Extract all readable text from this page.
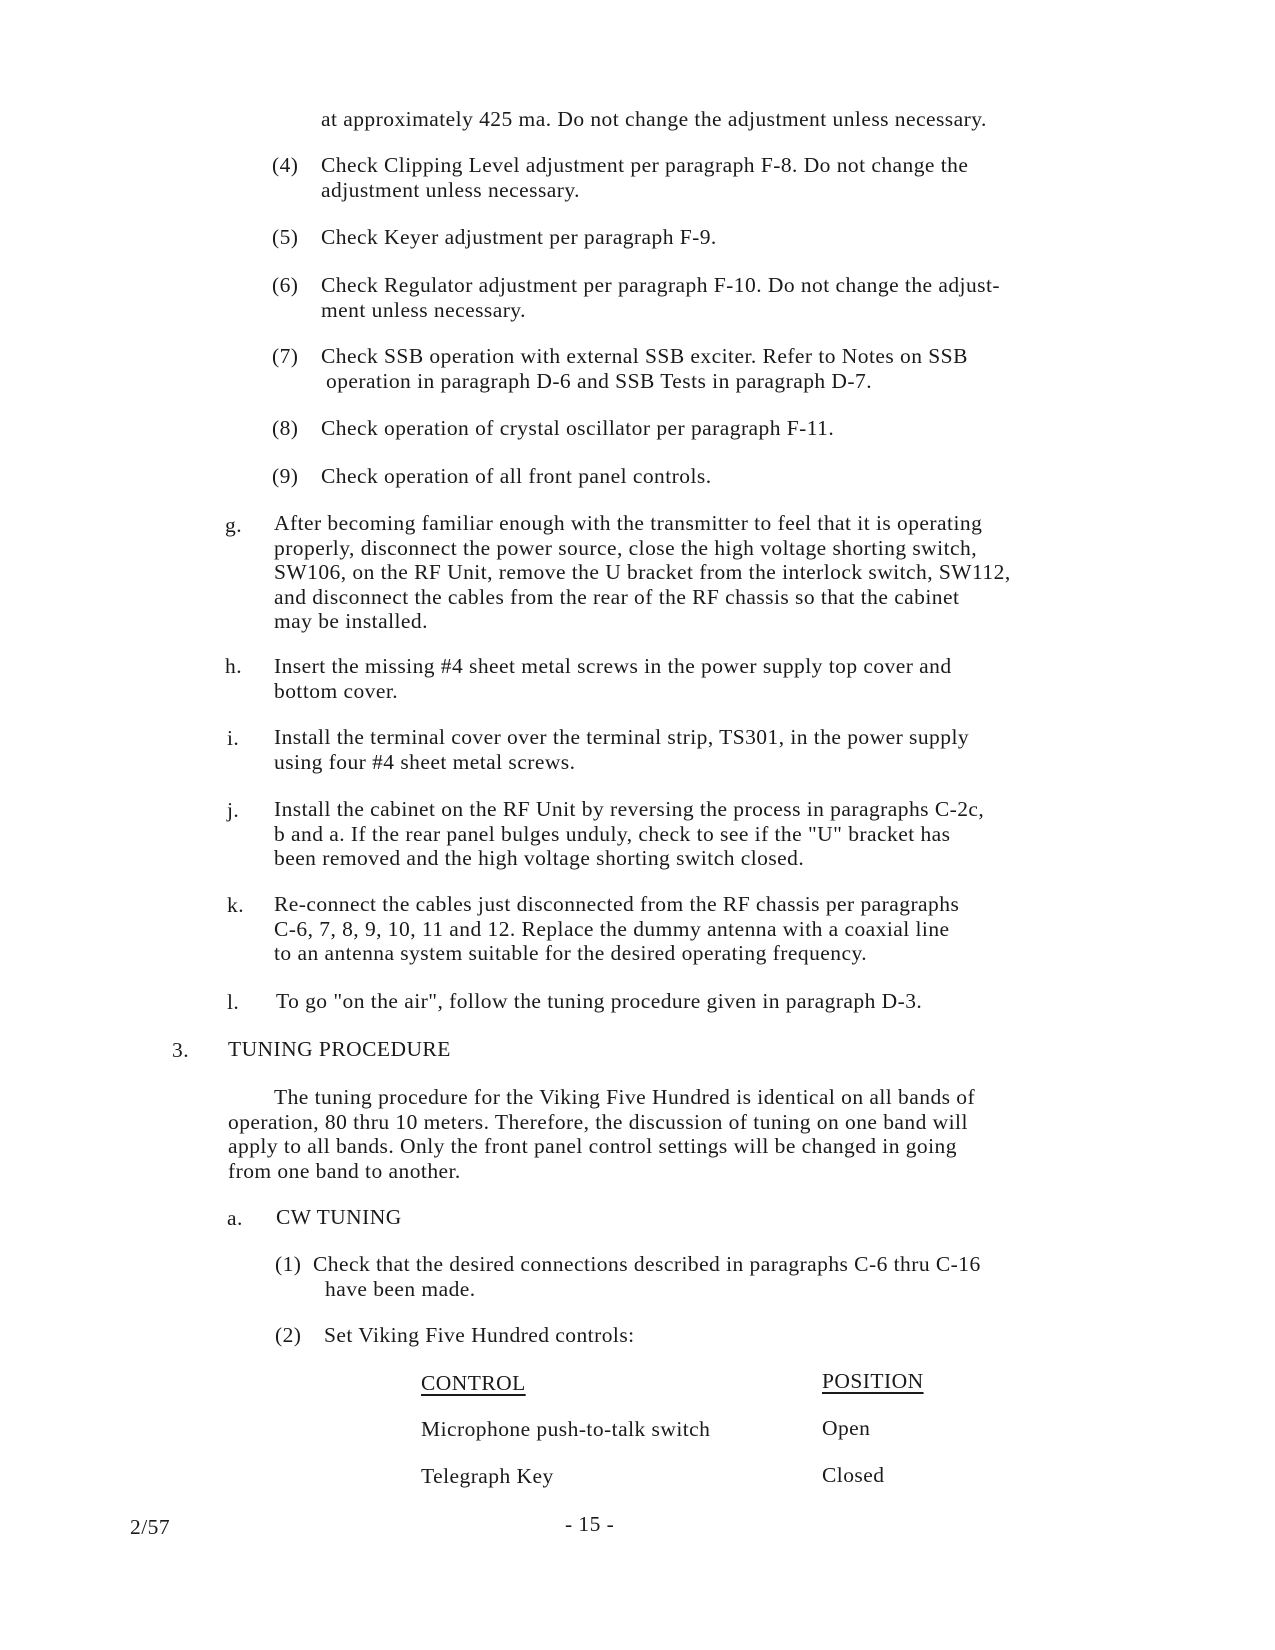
at approximately 425 ma. Do not change the adjustment unless necessary.
(4) Check Clipping Level adjustment per paragraph F-8. Do not change the
adjustment unless necessary.
(5) Check Keyer adjustment per paragraph F-9.
(6) Check Regulator adjustment per paragraph F-10. Do not change the adjust-
ment unless necessary.
(7) Check SSB operation with external SSB exciter. Refer to Notes on SSB
operation in paragraph D-6 and SSB Tests in paragraph D-7.
(8) Check operation of crystal oscillator per paragraph F-11.
(9) Check operation of all front panel controls.
g. After becoming familiar enough with the transmitter to feel that it is operating
properly, disconnect the power source, close the high voltage shorting switch,
SW106, on the RF Unit, remove the U bracket from the interlock switch, SW112,
and disconnect the cables from the rear of the RF chassis so that the cabinet
may be installed.
h. Insert the missing #4 sheet metal screws in the power supply top cover and
bottom cover.
i. Install the terminal cover over the terminal strip, TS301, in the power supply
using four #4 sheet metal screws.
j. Install the cabinet on the RF Unit by reversing the process in paragraphs C-2c,
b and a. If the rear panel bulges unduly, check to see if the "U" bracket has
been removed and the high voltage shorting switch closed.
k. Re-connect the cables just disconnected from the RF chassis per paragraphs
C-6, 7, 8, 9, 10, 11 and 12. Replace the dummy antenna with a coaxial line
to an antenna system suitable for the desired operating frequency.
l. To go "on the air", follow the tuning procedure given in paragraph D-3.
3. TUNING PROCEDURE
The tuning procedure for the Viking Five Hundred is identical on all bands of
operation, 80 thru 10 meters. Therefore, the discussion of tuning on one band will
apply to all bands. Only the front panel control settings will be changed in going
from one band to another.
a. CW TUNING
(1) Check that the desired connections described in paragraphs C-6 thru C-16
have been made.
(2) Set Viking Five Hundred controls:
CONTROL	POSITION
Microphone push-to-talk switch	Open
Telegraph Key	Closed
2/57	- 15 -
